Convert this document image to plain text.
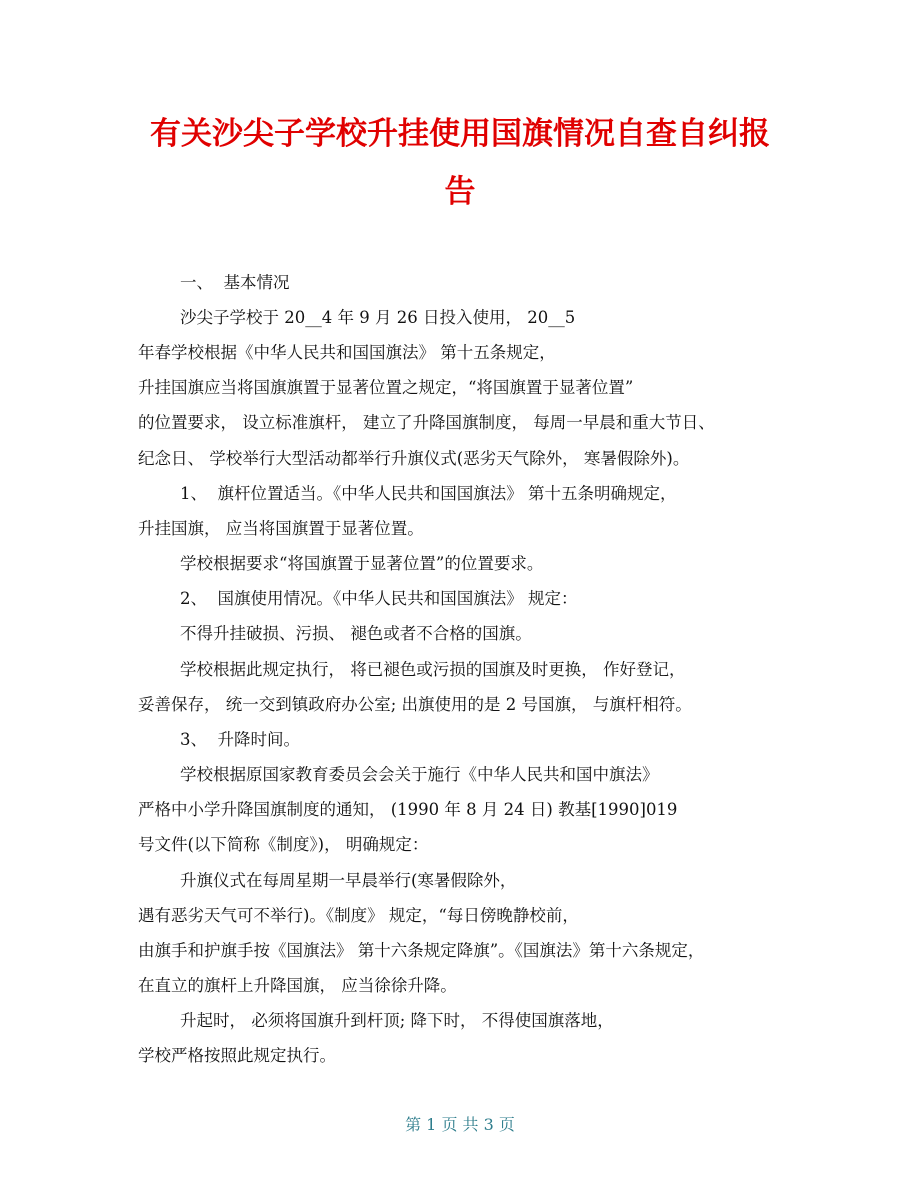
有关沙尖子学校升挂使用国旗情况自查自纠报
告
一、  基本情况
沙尖子学校于 20__4 年 9 月 26 日投入使用， 20__5
年春学校根据《中华人民共和国国旗法》 第十五条规定，
升挂国旗应当将国旗旗置于显著位置之规定，“将国旗置于显著位置”
的位置要求， 设立标准旗杆， 建立了升降国旗制度， 每周一早晨和重大节日、
纪念日、 学校举行大型活动都举行升旗仪式(恶劣天气除外， 寒暑假除外)。
1、  旗杆位置适当。《中华人民共和国国旗法》 第十五条明确规定，
升挂国旗， 应当将国旗置于显著位置。
学校根据要求“将国旗置于显著位置”的位置要求。
2、  国旗使用情况。《中华人民共和国国旗法》 规定：
不得升挂破损、污损、 褪色或者不合格的国旗。
学校根据此规定执行， 将已褪色或污损的国旗及时更换， 作好登记，
妥善保存， 统一交到镇政府办公室; 出旗使用的是 2 号国旗， 与旗杆相符。
3、  升降时间。
学校根据原国家教育委员会会关于施行《中华人民共和国中旗法》
严格中小学升降国旗制度的通知， (1990 年 8 月 24 日) 教基[1990]019
号文件(以下简称《制度》)， 明确规定：
升旗仪式在每周星期一早晨举行(寒暑假除外，
遇有恶劣天气可不举行)。《制度》 规定，“每日傍晚静校前，
由旗手和护旗手按《国旗法》 第十六条规定降旗”。《国旗法》第十六条规定，
在直立的旗杆上升降国旗， 应当徐徐升降。
升起时， 必须将国旗升到杆顶; 降下时， 不得使国旗落地，
学校严格按照此规定执行。
第 1 页 共 3 页
